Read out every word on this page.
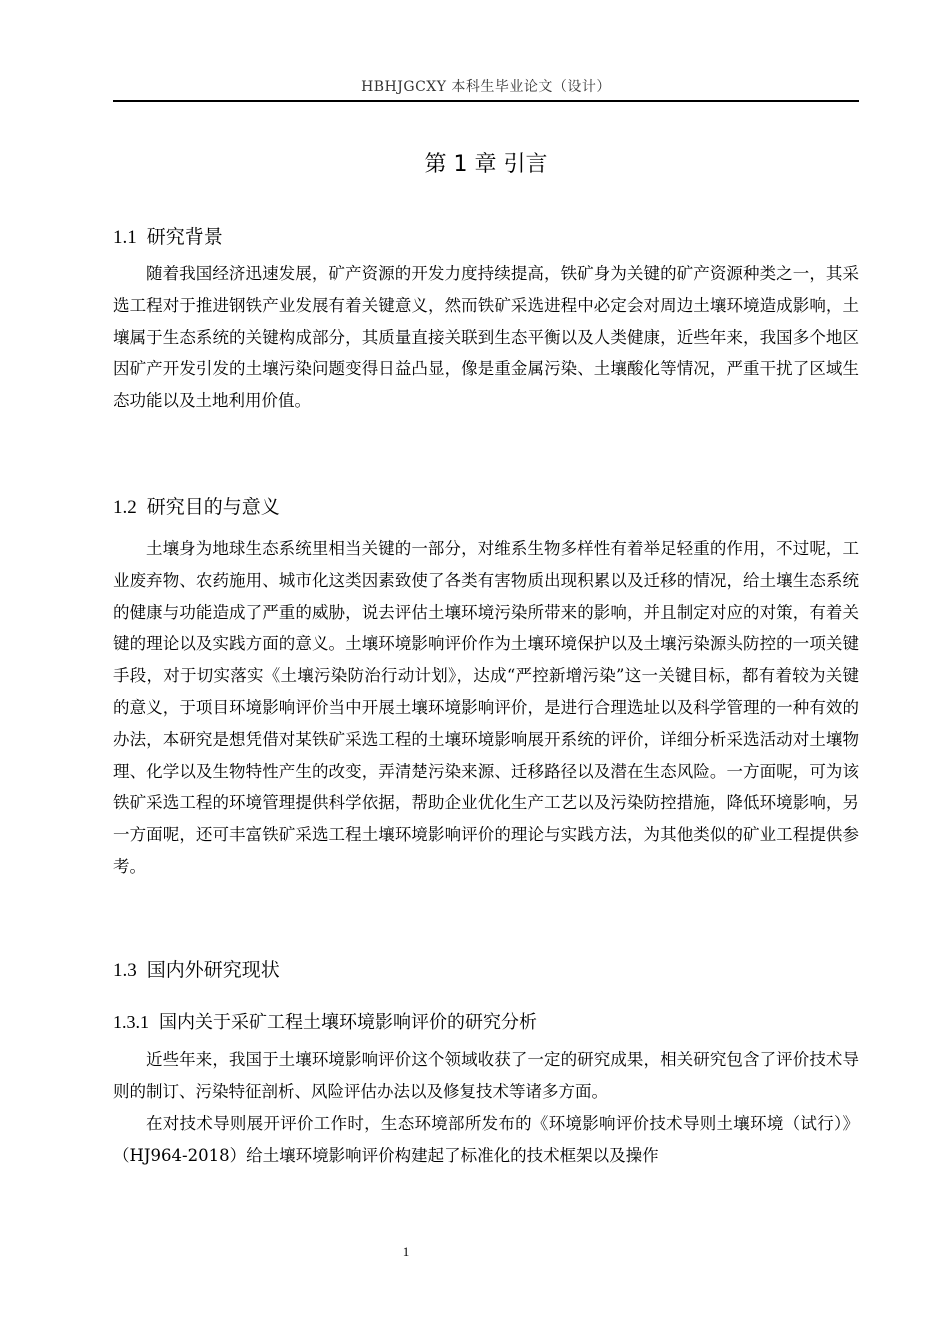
HBHJGCXY 本科生毕业论文（设计）
第 1 章 引言
1.1 研究背景

随着我国经济迅速发展，矿产资源的开发力度持续提高，铁矿身为关键的矿产资源种类之一，其采选工程对于推进钢铁产业发展有着关键意义，然而铁矿采选进程中必定会对周边土壤环境造成影响，土壤属于生态系统的关键构成部分，其质量直接关联到生态平衡以及人类健康，近些年来，我国多个地区因矿产开发引发的土壤污染问题变得日益凸显，像是重金属污染、土壤酸化等情况，严重干扰了区域生态功能以及土地利用价值。

1.2 研究目的与意义

土壤身为地球生态系统里相当关键的一部分，对维系生物多样性有着举足轻重的作用，不过呢，工业废弃物、农药施用、城市化这类因素致使了各类有害物质出现积累以及迁移的情况，给土壤生态系统的健康与功能造成了严重的威胁，说去评估土壤环境污染所带来的影响，并且制定对应的对策，有着关键的理论以及实践方面的意义。土壤环境影响评价作为土壤环境保护以及土壤污染源头防控的一项关键手段，对于切实落实《土壤污染防治行动计划》，达成“严控新增污染”这一关键目标，都有着较为关键的意义，于项目环境影响评价当中开展土壤环境影响评价，是进行合理选址以及科学管理的一种有效的办法，本研究是想凭借对某铁矿采选工程的土壤环境影响展开系统的评价，详细分析采选活动对土壤物理、化学以及生物特性产生的改变，弄清楚污染来源、迁移路径以及潜在生态风险。一方面呢，可为该铁矿采选工程的环境管理提供科学依据，帮助企业优化生产工艺以及污染防控措施，降低环境影响，另一方面呢，还可丰富铁矿采选工程土壤环境影响评价的理论与实践方法，为其他类似的矿业工程提供参考。

1.3 国内外研究现状
1.3.1 国内关于采矿工程土壤环境影响评价的研究分析

近些年来，我国于土壤环境影响评价这个领域收获了一定的研究成果，相关研究包含了评价技术导则的制订、污染特征剖析、风险评估办法以及修复技术等诸多方面。

在对技术导则展开评价工作时，生态环境部所发布的《环境影响评价技术导则土壤环境（试行）》（HJ964-2018）给土壤环境影响评价构建起了标准化的技术框架以及操作

1
